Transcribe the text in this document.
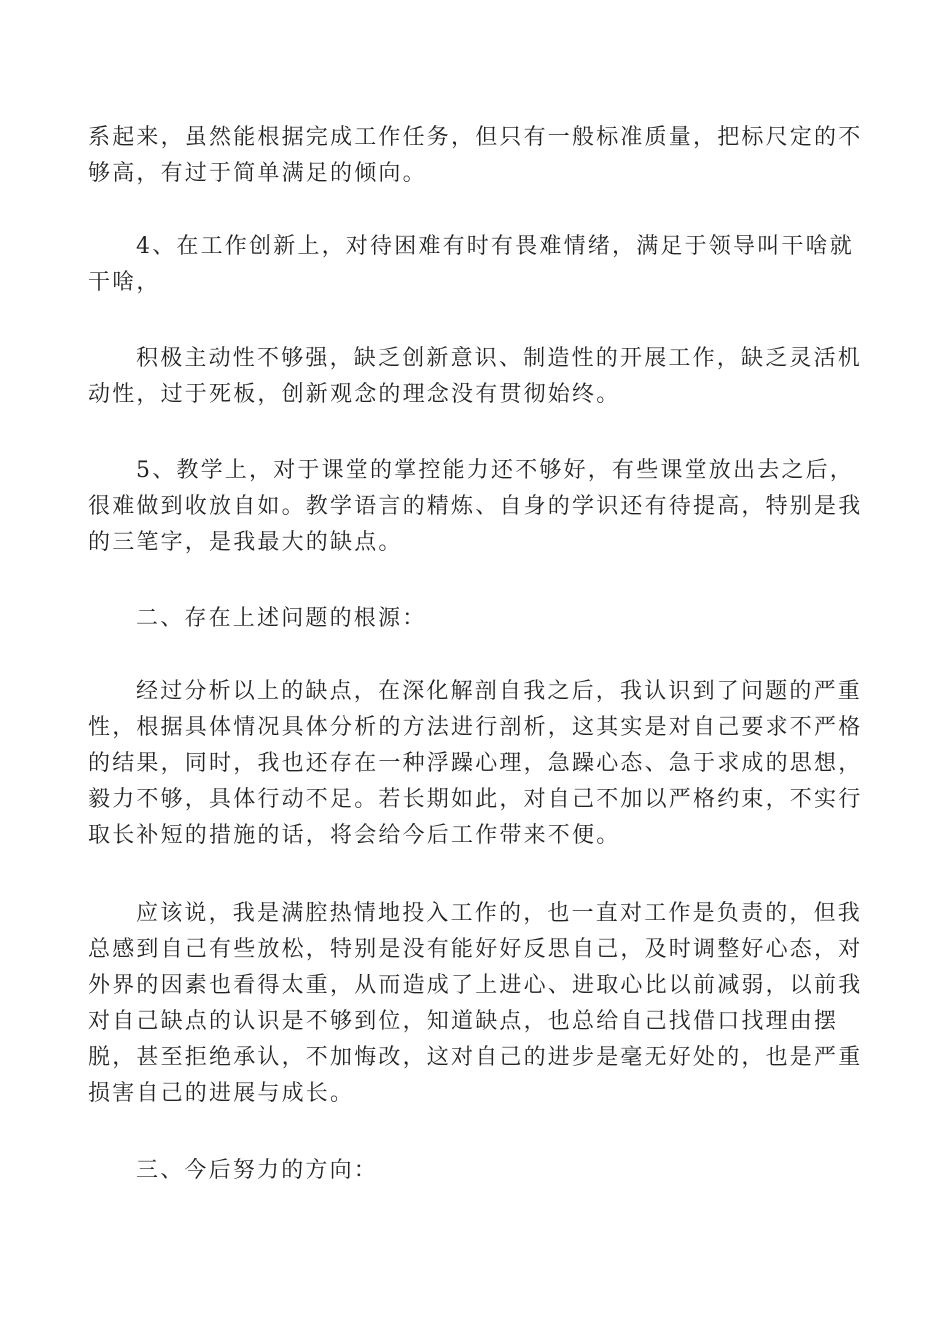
系起来，虽然能根据完成工作任务，但只有一般标准质量，把标尺定的不够高，有过于简单满足的倾向。

4、在工作创新上，对待困难有时有畏难情绪，满足于领导叫干啥就干啥，

积极主动性不够强，缺乏创新意识、制造性的开展工作，缺乏灵活机动性，过于死板，创新观念的理念没有贯彻始终。

5、教学上，对于课堂的掌控能力还不够好，有些课堂放出去之后，很难做到收放自如。教学语言的精炼、自身的学识还有待提高，特别是我的三笔字，是我最大的缺点。

二、存在上述问题的根源：

经过分析以上的缺点，在深化解剖自我之后，我认识到了问题的严重性，根据具体情况具体分析的方法进行剖析，这其实是对自己要求不严格的结果，同时，我也还存在一种浮躁心理，急躁心态、急于求成的思想，毅力不够，具体行动不足。若长期如此，对自己不加以严格约束，不实行取长补短的措施的话，将会给今后工作带来不便。

应该说，我是满腔热情地投入工作的，也一直对工作是负责的，但我总感到自己有些放松，特别是没有能好好反思自己，及时调整好心态，对外界的因素也看得太重，从而造成了上进心、进取心比以前减弱，以前我对自己缺点的认识是不够到位，知道缺点，也总给自己找借口找理由摆脱，甚至拒绝承认，不加悔改，这对自己的进步是毫无好处的，也是严重损害自己的进展与成长。

三、今后努力的方向：
